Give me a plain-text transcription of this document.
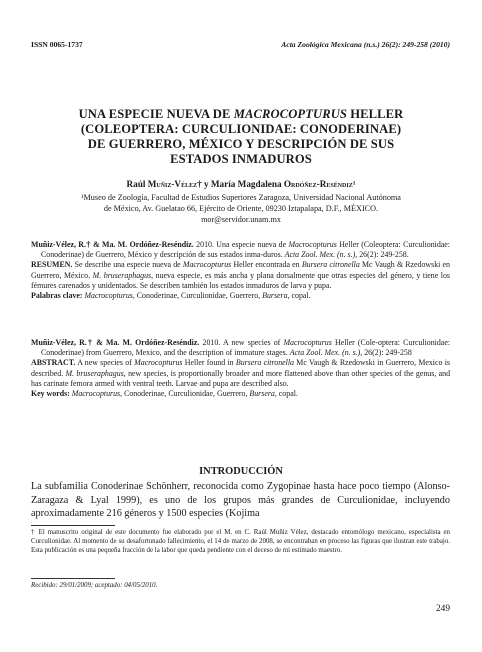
ISSN 0065-1737	Acta Zoológica Mexicana (n.s.) 26(2): 249-258 (2010)
UNA ESPECIE NUEVA DE MACROCOPTURUS HELLER
(COLEOPTERA: CURCULIONIDAE: CONODERINAE)
DE GUERRERO, MÉXICO Y DESCRIPCIÓN DE SUS
ESTADOS INMADUROS
Raúl Muñiz-Vélez† y María Magdalena Ordóñez-Reséndiz¹
¹Museo de Zoología, Facultad de Estudios Superiores Zaragoza, Universidad Nacional Autónoma
de México, Av. Guelatao 66, Ejército de Oriente, 09230 Iztapalapa, D.F., MÉXICO.
mor@servidor.unam.mx

Muñiz-Vélez, R.† & Ma. M. Ordóñez-Reséndiz. 2010. Una especie nueva de Macrocopturus Heller (Coleoptera: Curculionidae: Conoderinae) de Guerrero, México y descripción de sus estados inma-duros. Acta Zool. Mex. (n. s.), 26(2): 249-258.

RESUMEN. Se describe una especie nueva de Macrocopturus Heller encontrada en Bursera citronella Mc Vaugh & Rzedowski en Guerrero, México. M. bruseraphagus, nueva especie, es más ancha y plana dorsalmente que otras especies del género, y tiene los fémures carenados y unidentados. Se describen también los estados inmaduros de larva y pupa.

Palabras clave: Macrocopturus, Conoderinae, Curculionidae, Guerrero, Bursera, copal.

Muñiz-Vélez, R.† & Ma. M. Ordóñez-Reséndiz. 2010. A new species of Macrocopturus Heller (Cole-optera: Curculionidae: Conoderinae) from Guerrero, Mexico, and the description of immature stages. Acta Zool. Mex. (n. s.), 26(2): 249-258

ABSTRACT. A new species of Macrocopturus Heller found in Bursera citronella Mc Vaugh & Rzedowski in Guerrero, Mexico is described. M. bruseraphagus, new species, is proportionally broader and more flattened above than other species of the genus, and has carinate femora armed with ventral teeth. Larvae and pupa are described also.

Key words: Macrocopturus, Conoderinae, Curculionidae, Guerrero, Bursera, copal.

INTRODUCCIÓN

La subfamilia Conoderinae Schönherr, reconocida como Zygopinae hasta hace poco tiempo (Alonso-Zaragaza & Lyal 1999), es uno de los grupos más grandes de Curculionidae, incluyendo aproximadamente 216 géneros y 1500 especies (Kojima

† El manuscrito original de este documento fue elaborado por el M. en C. Raúl Muñiz Vélez, destacado entomólogo mexicano, especialista en Curculionidae. Al momento de su desafortunado fallecimiento, el 14 de marzo de 2008, se encontraban en proceso las figuras que ilustran este trabajo. Esta publicación es una pequeña fracción de la labor que queda pendiente con el deceso de mi estimado maestro.
Recibido: 29/01/2009; aceptado: 04/05/2010.
249
